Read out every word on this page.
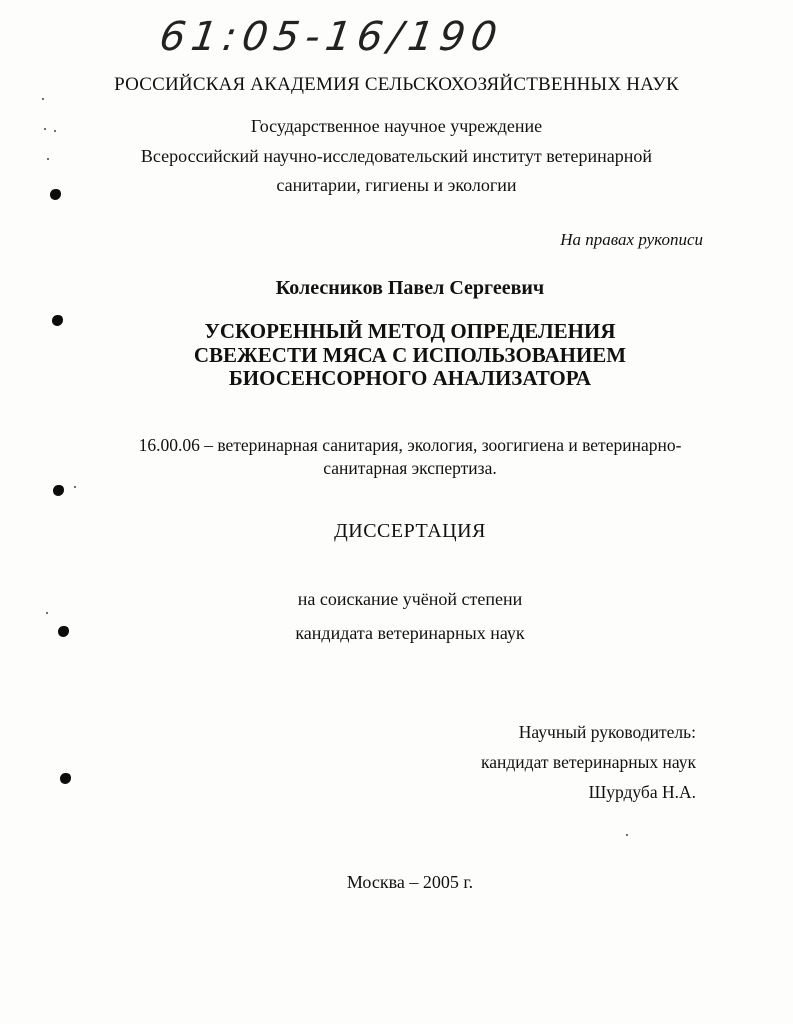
61:05-16/190
РОССИЙСКАЯ АКАДЕМИЯ СЕЛЬСКОХОЗЯЙСТВЕННЫХ НАУК
Государственное научное учреждение
Всероссийский научно-исследовательский институт ветеринарной
санитарии, гигиены и экологии
На правах рукописи
Колесников Павел Сергеевич
УСКОРЕННЫЙ МЕТОД ОПРЕДЕЛЕНИЯ
СВЕЖЕСТИ МЯСА С ИСПОЛЬЗОВАНИЕМ
БИОСЕНСОРНОГО АНАЛИЗАТОРА
16.00.06 – ветеринарная санитария, экология, зоогигиена и ветеринарно-
санитарная экспертиза.
ДИССЕРТАЦИЯ
на соискание учёной степени
кандидата ветеринарных наук
Научный руководитель:
кандидат ветеринарных наук
Шурдуба Н.А.
Москва – 2005 г.
